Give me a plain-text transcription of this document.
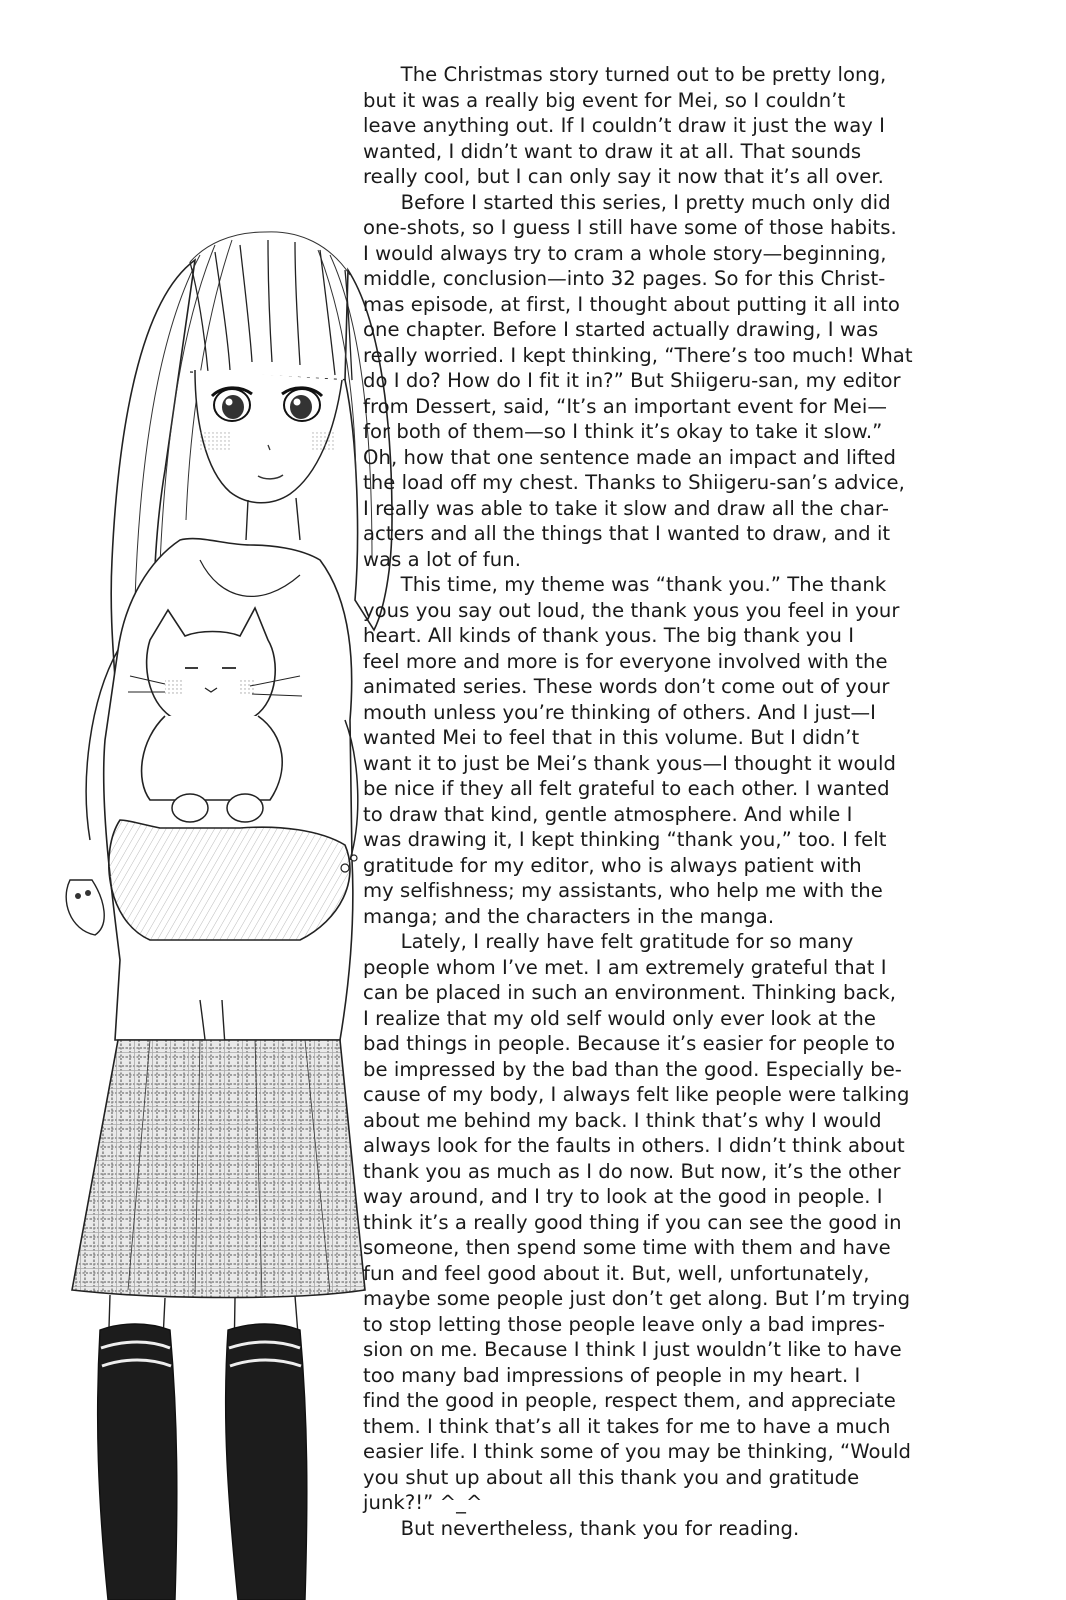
The Christmas story turned out to be pretty long,
but it was a really big event for Mei, so I couldn’t
leave anything out. If I couldn’t draw it just the way I
wanted, I didn’t want to draw it at all. That sounds
really cool, but I can only say it now that it’s all over.
Before I started this series, I pretty much only did
one-shots, so I guess I still have some of those habits.
I would always try to cram a whole story—beginning,
middle, conclusion—into 32 pages. So for this Christ-
mas episode, at first, I thought about putting it all into
one chapter. Before I started actually drawing, I was
really worried. I kept thinking, “There’s too much! What
do I do? How do I fit it in?” But Shiigeru-san, my editor
from Dessert, said, “It’s an important event for Mei—
for both of them—so I think it’s okay to take it slow.”
Oh, how that one sentence made an impact and lifted
the load off my chest. Thanks to Shiigeru-san’s advice,
I really was able to take it slow and draw all the char-
acters and all the things that I wanted to draw, and it
was a lot of fun.
This time, my theme was “thank you.” The thank
yous you say out loud, the thank yous you feel in your
heart. All kinds of thank yous. The big thank you I
feel more and more is for everyone involved with the
animated series. These words don’t come out of your
mouth unless you’re thinking of others. And I just—I
wanted Mei to feel that in this volume. But I didn’t
want it to just be Mei’s thank yous—I thought it would
be nice if they all felt grateful to each other. I wanted
to draw that kind, gentle atmosphere. And while I
was drawing it, I kept thinking “thank you,” too. I felt
gratitude for my editor, who is always patient with
my selfishness; my assistants, who help me with the
manga; and the characters in the manga.
Lately, I really have felt gratitude for so many
people whom I’ve met. I am extremely grateful that I
can be placed in such an environment. Thinking back,
I realize that my old self would only ever look at the
bad things in people. Because it’s easier for people to
be impressed by the bad than the good. Especially be-
cause of my body, I always felt like people were talking
about me behind my back. I think that’s why I would
always look for the faults in others. I didn’t think about
thank you as much as I do now. But now, it’s the other
way around, and I try to look at the good in people. I
think it’s a really good thing if you can see the good in
someone, then spend some time with them and have
fun and feel good about it. But, well, unfortunately,
maybe some people just don’t get along. But I’m trying
to stop letting those people leave only a bad impres-
sion on me. Because I think I just wouldn’t like to have
too many bad impressions of people in my heart. I
find the good in people, respect them, and appreciate
them. I think that’s all it takes for me to have a much
easier life. I think some of you may be thinking, “Would
you shut up about all this thank you and gratitude
junk?!” ^_^
But nevertheless, thank you for reading.
